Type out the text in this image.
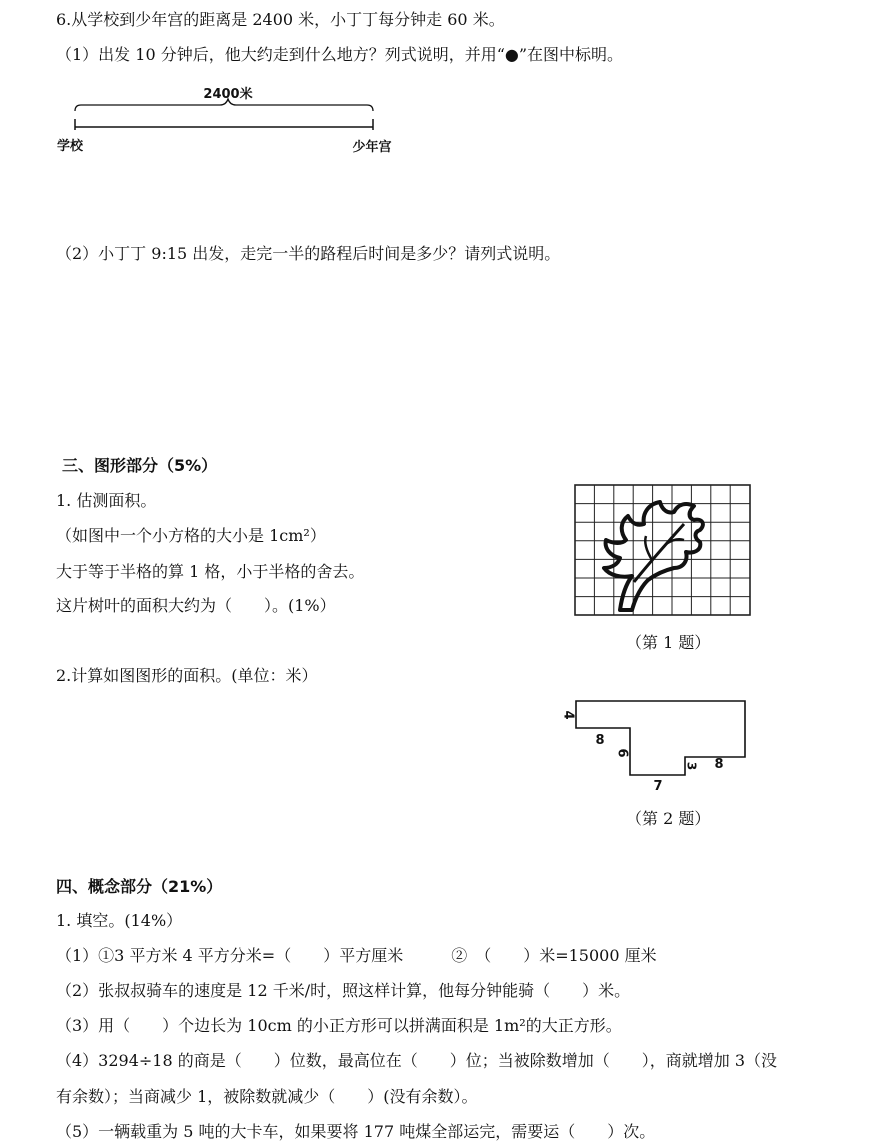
6.从学校到少年宫的距离是 2400 米，小丁丁每分钟走 60 米。
（1）出发 10 分钟后，他大约走到什么地方？列式说明，并用“●”在图中标明。
2400米
学校	少年宫
（2）小丁丁 9:15 出发，走完一半的路程后时间是多少？请列式说明。
三、图形部分（5%）
1. 估测面积。
（如图中一个小方格的大小是 1cm²）
大于等于半格的算 1 格，小于半格的舍去。
这片树叶的面积大约为（　　）。(1%）
（第 1 题）
2.计算如图图形的面积。(单位：米）
4
8
6
7
3 8
（第 2 题）
四、概念部分（21%）
1. 填空。(14%）
（1）①3 平方米 4 平方分米=（　　）平方厘米　　　②　（　　）米=15000 厘米
（2）张叔叔骑车的速度是 12 千米/时，照这样计算，他每分钟能骑（　　）米。
（3）用（　　）个边长为 10cm 的小正方形可以拼满面积是 1m²的大正方形。
（4）3294÷18 的商是（　　）位数，最高位在（　　）位；当被除数增加（　　），商就增加 3（没
有余数）；当商减少 1，被除数就减少（　　）(没有余数）。
（5）一辆载重为 5 吨的大卡车，如果要将 177 吨煤全部运完，需要运（　　）次。
